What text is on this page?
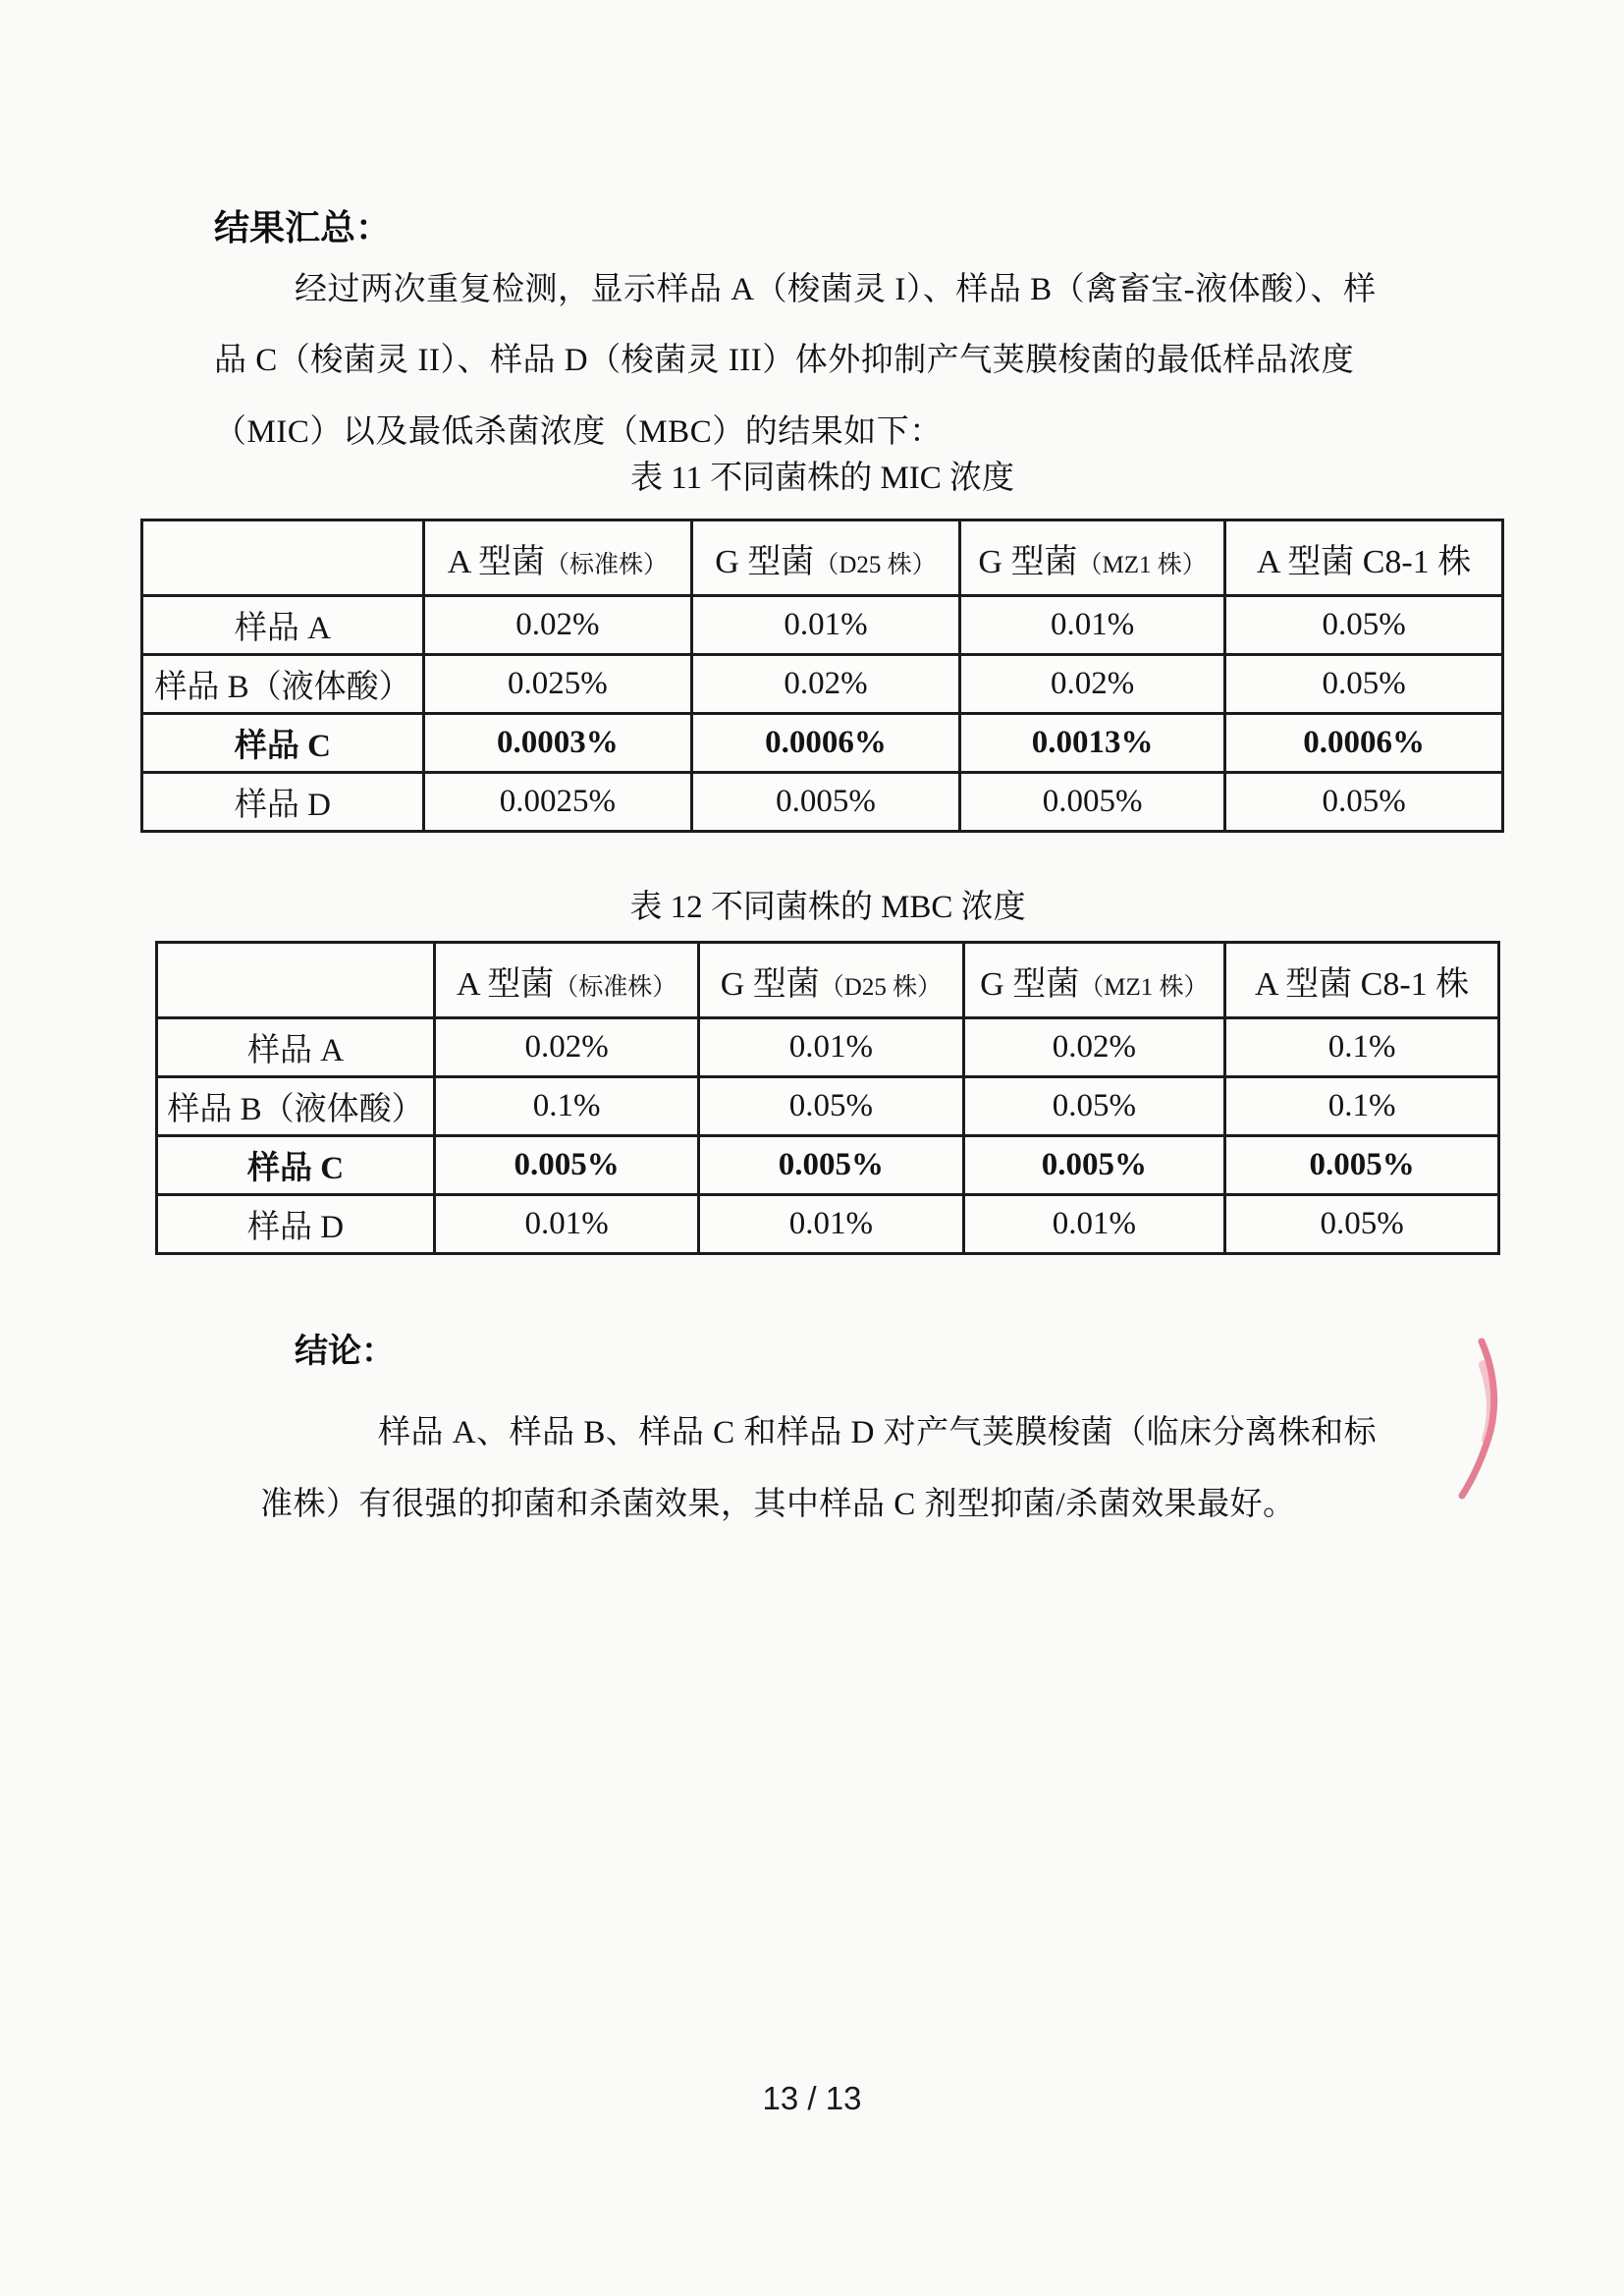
结果汇总：
经过两次重复检测，显示样品 A（梭菌灵 I）、样品 B（禽畜宝-液体酸）、样
品 C（梭菌灵 II）、样品 D（梭菌灵 III）体外抑制产气荚膜梭菌的最低样品浓度
（MIC）以及最低杀菌浓度（MBC）的结果如下：
表 11 不同菌株的 MIC 浓度
	A 型菌（标准株）	G 型菌（D25 株）	G 型菌（MZ1 株）	A 型菌 C8-1 株
样品 A	0.02%	0.01%	0.01%	0.05%
样品 B（液体酸）	0.025%	0.02%	0.02%	0.05%
样品 C	0.0003%	0.0006%	0.0013%	0.0006%
样品 D	0.0025%	0.005%	0.005%	0.05%
表 12 不同菌株的 MBC 浓度
	A 型菌（标准株）	G 型菌（D25 株）	G 型菌（MZ1 株）	A 型菌 C8-1 株
样品 A	0.02%	0.01%	0.02%	0.1%
样品 B（液体酸）	0.1%	0.05%	0.05%	0.1%
样品 C	0.005%	0.005%	0.005%	0.005%
样品 D	0.01%	0.01%	0.01%	0.05%
结论：
样品 A、样品 B、样品 C 和样品 D 对产气荚膜梭菌（临床分离株和标
准株）有很强的抑菌和杀菌效果，其中样品 C 剂型抑菌/杀菌效果最好。
13 / 13
